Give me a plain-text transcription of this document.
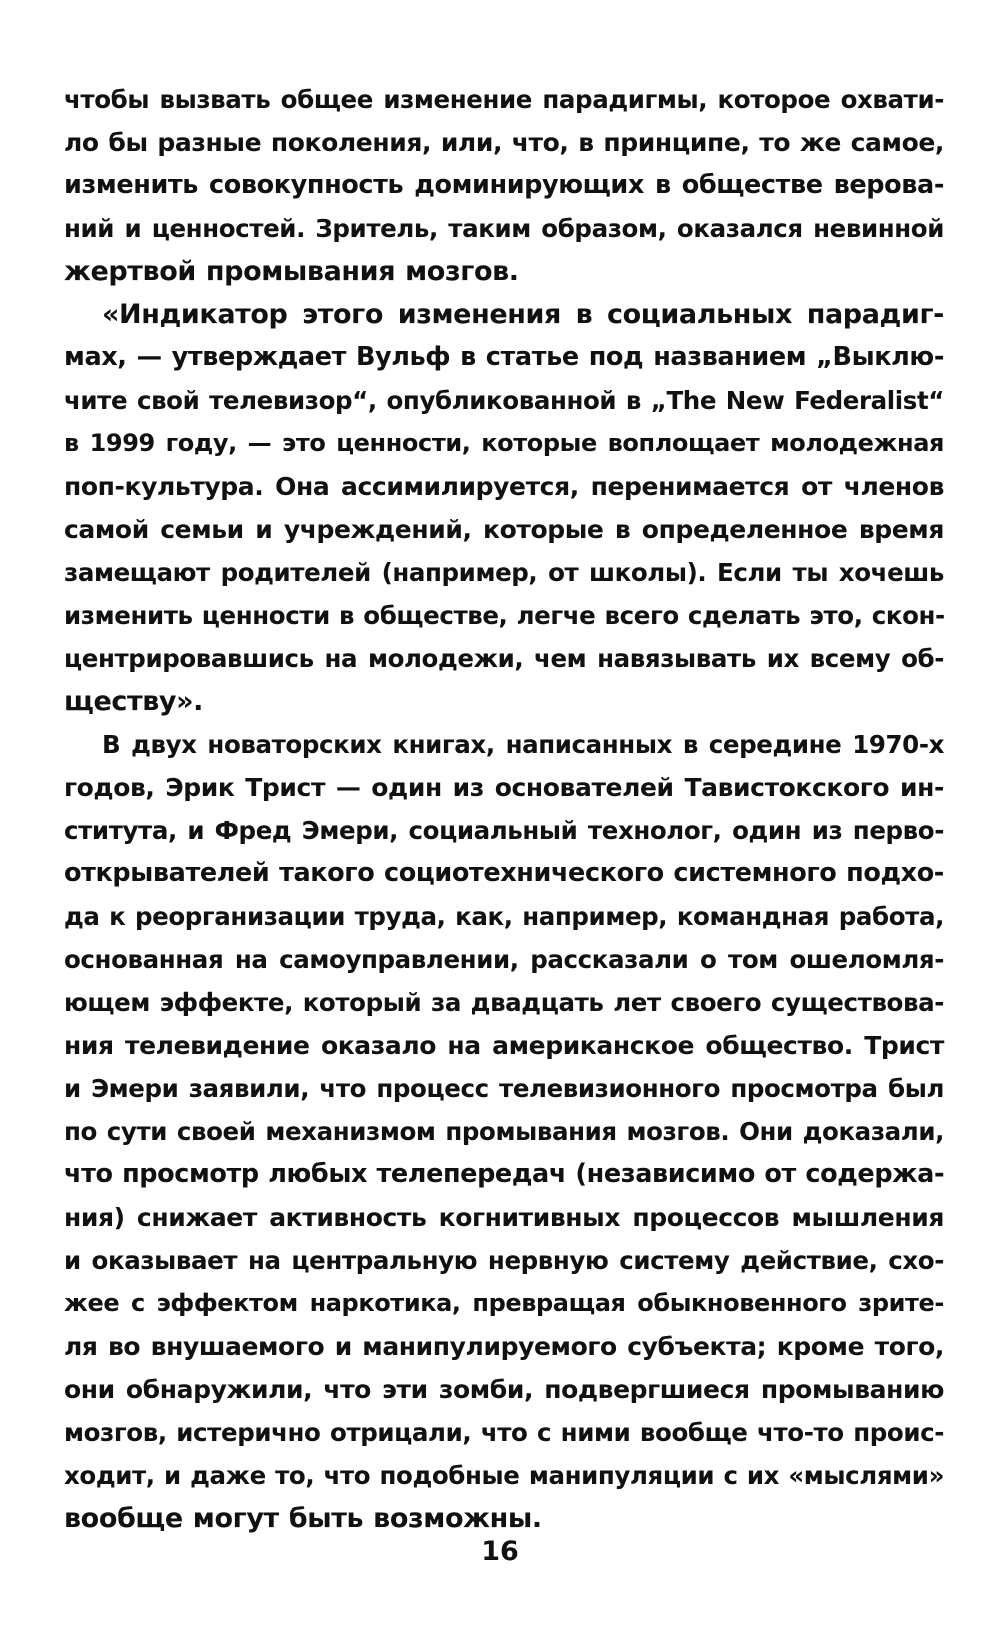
чтобы вызвать общее изменение парадигмы, которое охвати-
ло бы разные поколения, или, что, в принципе, то же самое,
изменить совокупность доминирующих в обществе верова-
ний и ценностей. Зритель, таким образом, оказался невинной
жертвой промывания мозгов.
«Индикатор этого изменения в социальных парадиг-
мах, — утверждает Вульф в статье под названием „Выклю-
чите свой телевизор“, опубликованной в „The New Federalist“
в 1999 году, — это ценности, которые воплощает молодежная
поп-культура. Она ассимилируется, перенимается от членов
самой семьи и учреждений, которые в определенное время
замещают родителей (например, от школы). Если ты хочешь
изменить ценности в обществе, легче всего сделать это, скон-
центрировавшись на молодежи, чем навязывать их всему об-
ществу».
В двух новаторских книгах, написанных в середине 1970-х
годов, Эрик Трист — один из основателей Тавистокского ин-
ститута, и Фред Эмери, социальный технолог, один из перво-
открывателей такого социотехнического системного подхо-
да к реорганизации труда, как, например, командная работа,
основанная на самоуправлении, рассказали о том ошеломля-
ющем эффекте, который за двадцать лет своего существова-
ния телевидение оказало на американское общество. Трист
и Эмери заявили, что процесс телевизионного просмотра был
по сути своей механизмом промывания мозгов. Они доказали,
что просмотр любых телепередач (независимо от содержа-
ния) снижает активность когнитивных процессов мышления
и оказывает на центральную нервную систему действие, схо-
жее с эффектом наркотика, превращая обыкновенного зрите-
ля во внушаемого и манипулируемого субъекта; кроме того,
они обнаружили, что эти зомби, подвергшиеся промыванию
мозгов, истерично отрицали, что с ними вообще что-то проис-
ходит, и даже то, что подобные манипуляции с их «мыслями»
вообще могут быть возможны.
16
